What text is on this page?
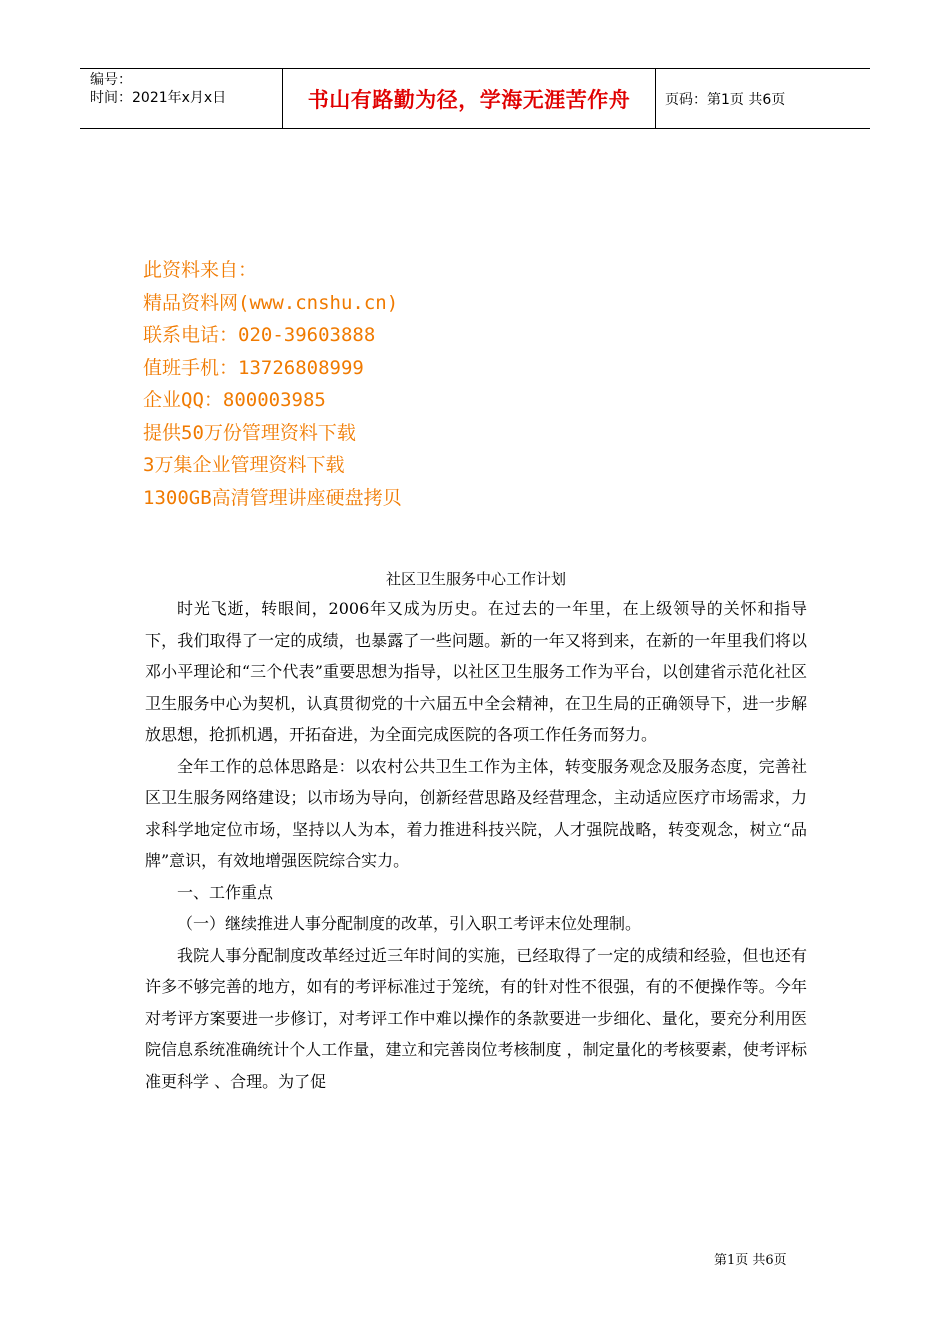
编号：
时间：2021年x月x日	书山有路勤为径，学海无涯苦作舟	页码：第1页 共6页
此资料来自：
精品资料网(www.cnshu.cn)
联系电话：020-39603888
值班手机：13726808999
企业QQ：800003985
提供50万份管理资料下载
3万集企业管理资料下载
1300GB高清管理讲座硬盘拷贝
社区卫生服务中心工作计划

时光飞逝，转眼间，2006年又成为历史。在过去的一年里，在上级领导的关怀和指导下，我们取得了一定的成绩，也暴露了一些问题。新的一年又将到来，在新的一年里我们将以邓小平理论和“三个代表”重要思想为指导，以社区卫生服务工作为平台，以创建省示范化社区卫生服务中心为契机，认真贯彻党的十六届五中全会精神，在卫生局的正确领导下，进一步解放思想，抢抓机遇，开拓奋进，为全面完成医院的各项工作任务而努力。

全年工作的总体思路是：以农村公共卫生工作为主体，转变服务观念及服务态度，完善社区卫生服务网络建设；以市场为导向，创新经营思路及经营理念，主动适应医疗市场需求，力求科学地定位市场，坚持以人为本，着力推进科技兴院，人才强院战略，转变观念，树立“品牌”意识，有效地增强医院综合实力。

一、工作重点

（一）继续推进人事分配制度的改革，引入职工考评末位处理制。

我院人事分配制度改革经过近三年时间的实施，已经取得了一定的成绩和经验，但也还有许多不够完善的地方，如有的考评标准过于笼统，有的针对性不很强，有的不便操作等。今年对考评方案要进一步修订，对考评工作中难以操作的条款要进一步细化、量化，要充分利用医院信息系统准确统计个人工作量，建立和完善岗位考核制度 ，制定量化的考核要素，使考评标准更科学 、合理。为了促

第1页 共6页
